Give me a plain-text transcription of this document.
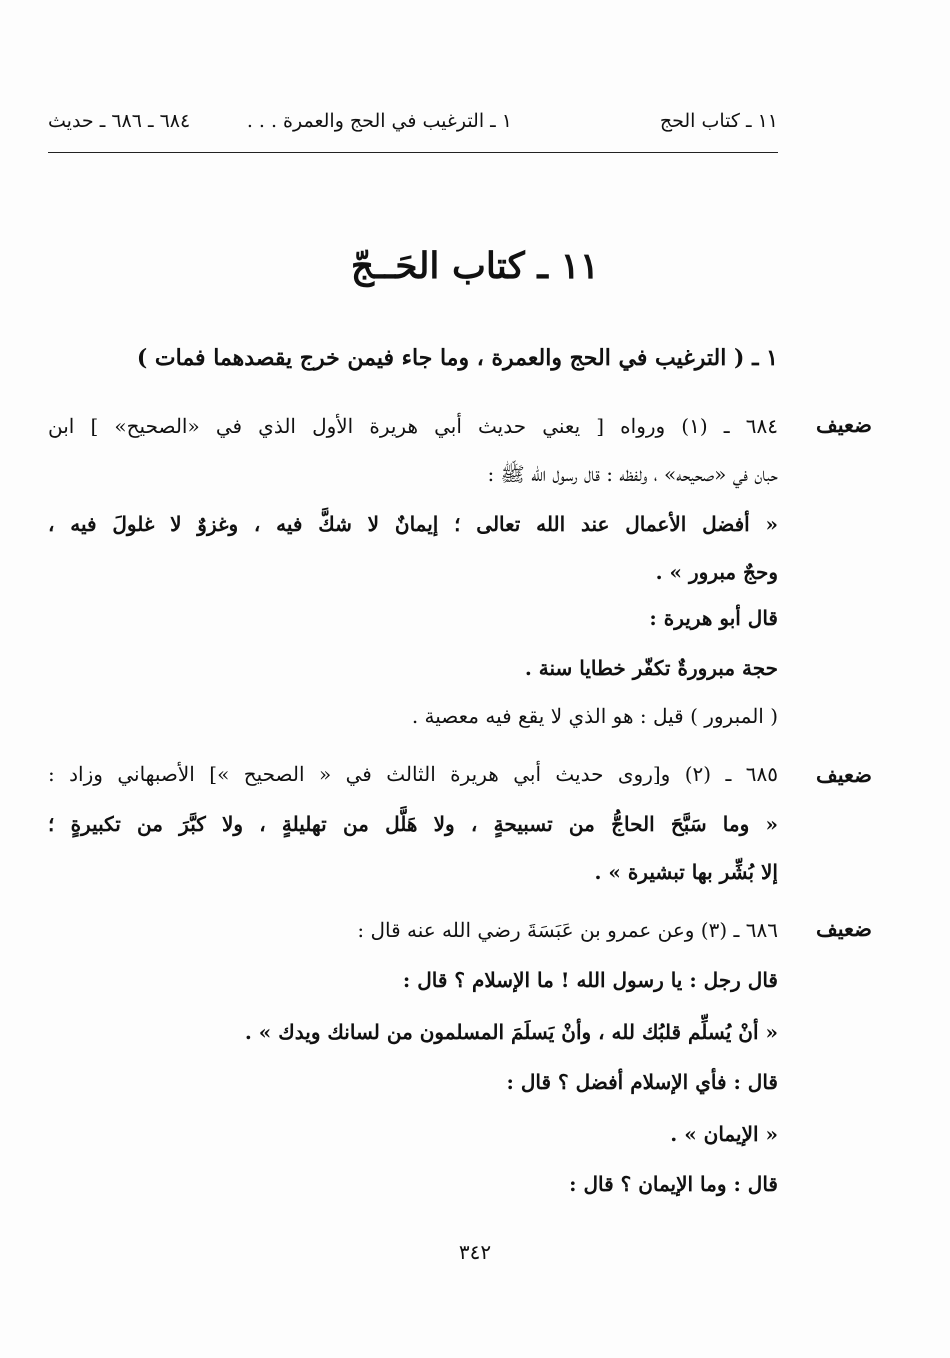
١١ ـ كتاب الحج
١ ـ الترغيب في الحج والعمرة . . .
٦٨٤ ـ ٦٨٦ ـ حديث
١١ ـ كتاب الحَــجّ
١ ـ ( الترغيب في الحج والعمرة ، وما جاء فيمن خرج يقصدهما فمات )
ضعيف
٦٨٤ ـ (١) ورواه [ يعني حديث أبي هريرة الأول الذي في «الصحيح» ] ابن
حبان في «صحيحه» ، ولفظه : قال رسول الله ﷺ :
« أفضل الأعمال عند الله تعالى ؛ إيمانٌ لا شكَّ فيه ، وغزوٌ لا غلولَ فيه ،
وحجٌ مبرور » .
قال أبو هريرة :
حجة مبرورةٌ تكفّر خطايا سنة .
( المبرور ) قيل : هو الذي لا يقع فيه معصية .
ضعيف
٦٨٥ ـ (٢) و[روى حديث أبي هريرة الثالث في « الصحيح »] الأصبهاني وزاد :
« وما سَبَّحَ الحاجُّ من تسبيحةٍ ، ولا هَلَّل من تهليلةٍ ، ولا كبَّرَ من تكبيرةٍ ؛
إلا بُشِّر بها تبشيرة » .
ضعيف
٦٨٦ ـ (٣) وعن عمرو بن عَبَسَةَ رضي الله عنه قال :
قال رجل : يا رسول الله ! ما الإسلام ؟ قال :
« أنْ يُسلِّم قلبُك لله ، وأنْ يَسلَمَ المسلمون من لسانك ويدك » .
قال : فأي الإسلام أفضل ؟ قال :
« الإيمان » .
قال : وما الإيمان ؟ قال :
٣٤٢
